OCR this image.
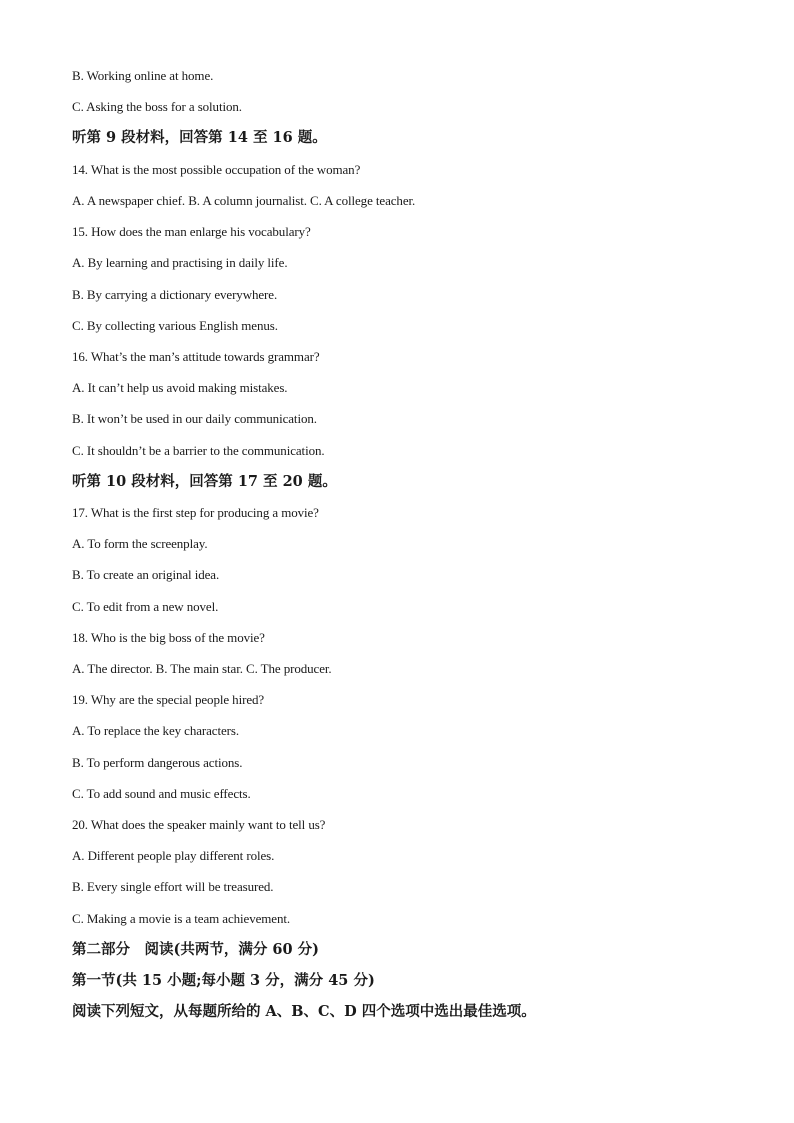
B. Working online at home.
C. Asking the boss for a solution.
听第 9 段材料，回答第 14 至 16 题。
14. What is the most possible occupation of the woman?
A. A newspaper chief. B. A column journalist. C. A college teacher.
15. How does the man enlarge his vocabulary?
A. By learning and practising in daily life.
B. By carrying a dictionary everywhere.
C. By collecting various English menus.
16. What’s the man’s attitude towards grammar?
A. It can’t help us avoid making mistakes.
B. It won’t be used in our daily communication.
C. It shouldn’t be a barrier to the communication.
听第 10 段材料，回答第 17 至 20 题。
17. What is the first step for producing a movie?
A. To form the screenplay.
B. To create an original idea.
C. To edit from a new novel.
18. Who is the big boss of the movie?
A. The director. B. The main star. C. The producer.
19. Why are the special people hired?
A. To replace the key characters.
B. To perform dangerous actions.
C. To add sound and music effects.
20. What does the speaker mainly want to tell us?
A. Different people play different roles.
B. Every single effort will be treasured.
C. Making a movie is a team achievement.
第二部分　阅读(共两节，满分 60 分)
第一节(共 15 小题;每小题 3 分，满分 45 分)
阅读下列短文，从每题所给的 A、B、C、D 四个选项中选出最佳选项。
